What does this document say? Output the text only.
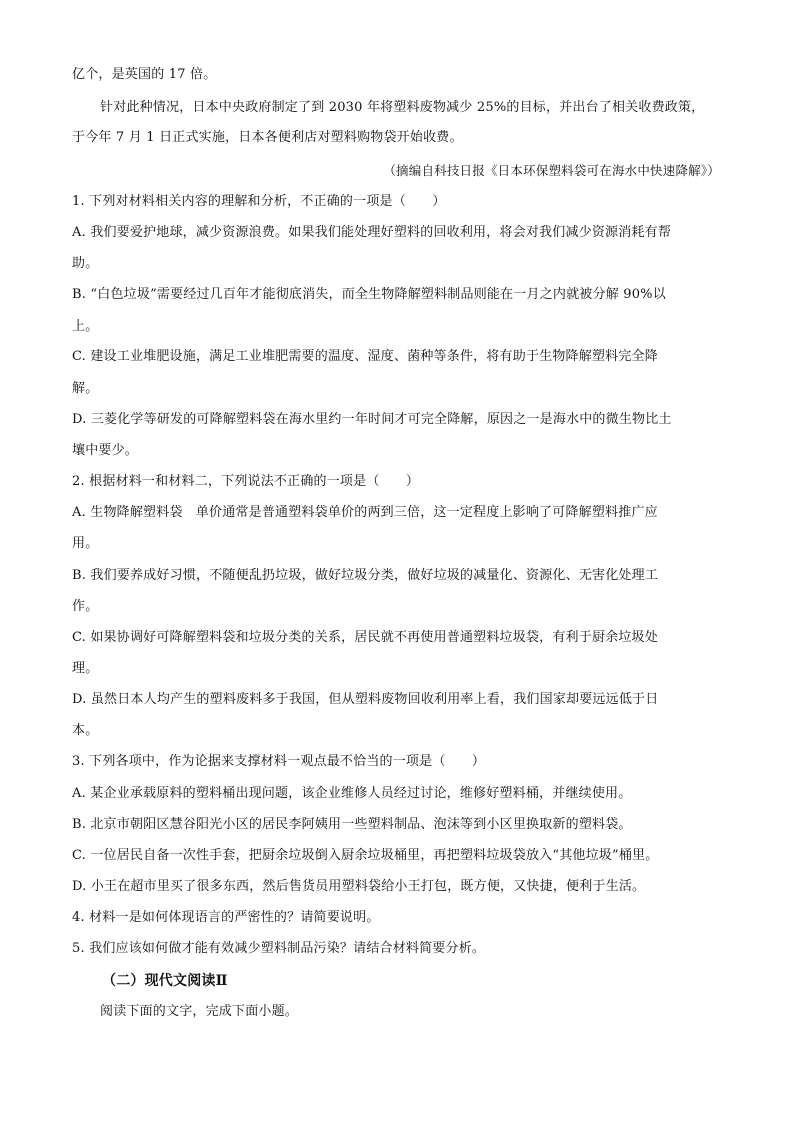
亿个，是英国的 17 倍。
针对此种情况，日本中央政府制定了到 2030 年将塑料废物减少 25%的目标，并出台了相关收费政策，
于今年 7 月 1 日正式实施，日本各便利店对塑料购物袋开始收费。
（摘编自科技日报《日本环保塑料袋可在海水中快速降解》）
1. 下列对材料相关内容的理解和分析，不正确的一项是（　　）
A. 我们要爱护地球，减少资源浪费。如果我们能处理好塑料的回收利用，将会对我们减少资源消耗有帮
助。
B. “白色垃圾”需要经过几百年才能彻底消失，而全生物降解塑料制品则能在一月之内就被分解 90%以
上。
C. 建设工业堆肥设施，满足工业堆肥需要的温度、湿度、菌种等条件，将有助于生物降解塑料完全降
解。
D. 三菱化学等研发的可降解塑料袋在海水里约一年时间才可完全降解，原因之一是海水中的微生物比土
壤中要少。
2. 根据材料一和材料二，下列说法不正确的一项是（　　）
A. 生物降解塑料袋　单价通常是普通塑料袋单价的两到三倍，这一定程度上影响了可降解塑料推广应
用。
B. 我们要养成好习惯，不随便乱扔垃圾，做好垃圾分类，做好垃圾的减量化、资源化、无害化处理工
作。
C. 如果协调好可降解塑料袋和垃圾分类的关系，居民就不再使用普通塑料垃圾袋，有利于厨余垃圾处
理。
D. 虽然日本人均产生的塑料废料多于我国，但从塑料废物回收利用率上看，我们国家却要远远低于日
本。
3. 下列各项中，作为论据来支撑材料一观点最不恰当的一项是（　　）
A. 某企业承载原料的塑料桶出现问题，该企业维修人员经过讨论，维修好塑料桶，并继续使用。
B. 北京市朝阳区慧谷阳光小区的居民李阿姨用一些塑料制品、泡沫等到小区里换取新的塑料袋。
C. 一位居民自备一次性手套，把厨余垃圾倒入厨余垃圾桶里，再把塑料垃圾袋放入“其他垃圾”桶里。
D. 小王在超市里买了很多东西，然后售货员用塑料袋给小王打包，既方便，又快捷，便利于生活。
4. 材料一是如何体现语言的严密性的？请简要说明。
5. 我们应该如何做才能有效减少塑料制品污染？请结合材料简要分析。
（二）现代文阅读Ⅱ
阅读下面的文字，完成下面小题。
